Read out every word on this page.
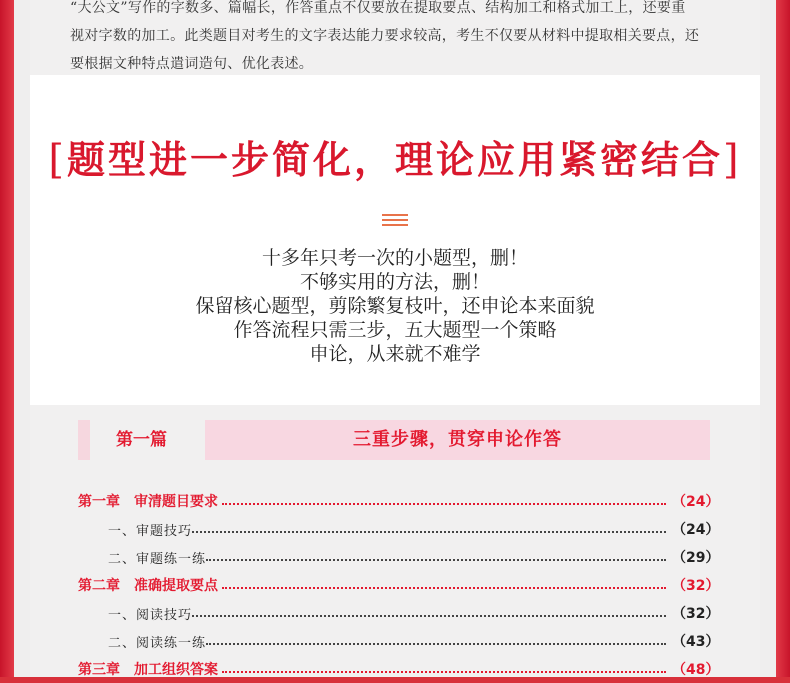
“大公文”写作的字数多、篇幅长，作答重点不仅要放在提取要点、结构加工和格式加工上，还要重

视对字数的加工。此类题目对考生的文字表达能力要求较高，考生不仅要从材料中提取相关要点，还

要根据文种特点遣词造句、优化表述。

[题型进一步简化，理论应用紧密结合]
十多年只考一次的小题型，删！
不够实用的方法，删！
保留核心题型，剪除繁复枝叶，还申论本来面貌
作答流程只需三步，五大题型一个策略
申论，从来就不难学
第一篇	三重步骤，贯穿申论作答
第一章 审清题目要求	（24）
一、审题技巧	（24）
二、审题练一练	（29）
第二章 准确提取要点	（32）
一、阅读技巧	（32）
二、阅读练一练	（43）
第三章 加工组织答案	（48）
